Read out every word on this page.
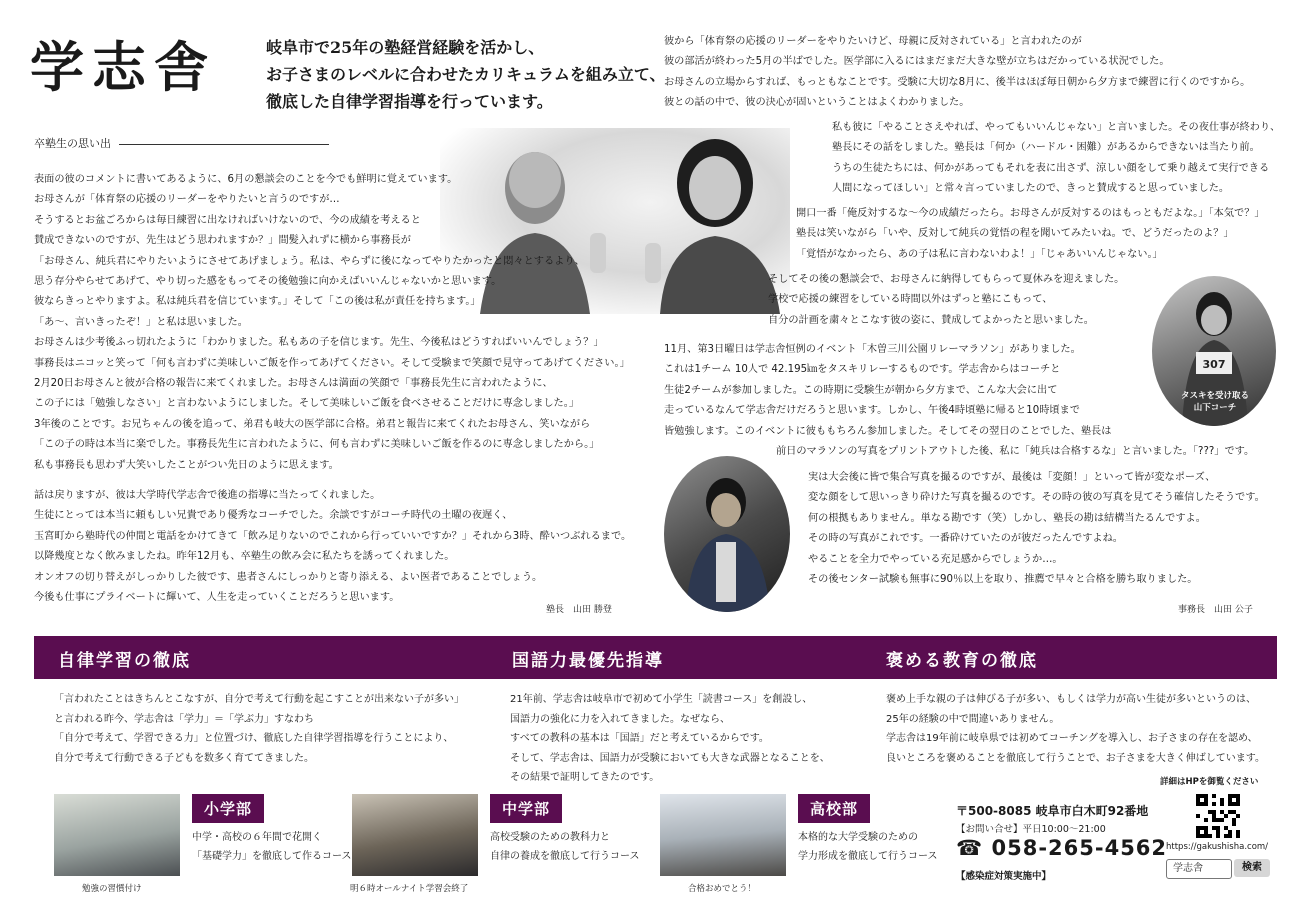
学志舎	岐阜市で25年の塾経営経験を活かし、
お子さまのレベルに合わせたカリキュラムを組み立て、
徹底した自律学習指導を行っています。
卒塾生の思い出

表面の彼のコメントに書いてあるように、6月の懇談会のことを今でも鮮明に覚えています。

お母さんが「体育祭の応援のリーダーをやりたいと言うのですが…

そうするとお盆ごろからは毎日練習に出なければいけないので、今の成績を考えると

賛成できないのですが、先生はどう思われますか？」間髪入れずに横から事務長が

「お母さん、純兵君にやりたいようにさせてあげましょう。私は、やらずに後になってやりたかったと悶々とするより、

思う存分やらせてあげて、やり切った感をもってその後勉強に向かえばいいんじゃないかと思います。

彼ならきっとやりますよ。私は純兵君を信じています。」そして「この後は私が責任を持ちます。」

「あ～、言いきったぞ！」と私は思いました。

お母さんは少考後ふっ切れたように「わかりました。私もあの子を信じます。先生、今後私はどうすればいいんでしょう？」

事務長はニコッと笑って「何も言わずに美味しいご飯を作ってあげてください。そして受験まで笑顔で見守ってあげてください。」

2月20日お母さんと彼が合格の報告に来てくれました。お母さんは満面の笑顔で「事務長先生に言われたように、

この子には「勉強しなさい」と言わないようにしました。そして美味しいご飯を食べさせることだけに専念しました。」

3年後のことです。お兄ちゃんの後を追って、弟君も岐大の医学部に合格。弟君と報告に来てくれたお母さん、笑いながら

「この子の時は本当に楽でした。事務長先生に言われたように、何も言わずに美味しいご飯を作るのに専念しましたから。」

私も事務長も思わず大笑いしたことがつい先日のように思えます。

話は戻りますが、彼は大学時代学志舎で後進の指導に当たってくれました。

生徒にとっては本当に頼もしい兄貴であり優秀なコーチでした。余談ですがコーチ時代の土曜の夜遅く、

玉宮町から塾時代の仲間と電話をかけてきて「飲み足りないのでこれから行っていいですか？」それから3時、酔いつぶれるまで。

以降幾度となく飲みましたね。昨年12月も、卒塾生の飲み会に私たちを誘ってくれました。

オンオフの切り替えがしっかりした彼です、患者さんにしっかりと寄り添える、よい医者であることでしょう。

今後も仕事にプライベートに輝いて、人生を走っていくことだろうと思います。

塾長　山田 勝登

彼から「体育祭の応援のリーダーをやりたいけど、母親に反対されている」と言われたのが

彼の部活が終わった5月の半ばでした。医学部に入るにはまだまだ大きな壁が立ちはだかっている状況でした。

お母さんの立場からすれば、もっともなことです。受験に大切な8月に、後半はほぼ毎日朝から夕方まで練習に行くのですから。

彼との話の中で、彼の決心が固いということはよくわかりました。

私も彼に「やることさえやれば、やってもいいんじゃない」と言いました。その夜仕事が終わり、

塾長にその話をしました。塾長は「何か（ハードル・困難）があるからできないは当たり前。

うちの生徒たちには、何かがあってもそれを表に出さず、涼しい顔をして乗り越えて実行できる

人間になってほしい」と常々言っていましたので、きっと賛成すると思っていました。

開口一番「俺反対するな～今の成績だったら。お母さんが反対するのはもっともだよな。」「本気で？」

塾長は笑いながら「いや、反対して純兵の覚悟の程を聞いてみたいね。で、どうだったのよ？」

「覚悟がなかったら、あの子は私に言わないわよ！」「じゃあいいんじゃない。」

そしてその後の懇談会で、お母さんに納得してもらって夏休みを迎えました。

学校で応援の練習をしている時間以外はずっと塾にこもって、

自分の計画を粛々とこなす彼の姿に、賛成してよかったと思いました。

307
タスキを受け取る
山下コーチ

11月、第3日曜日は学志舎恒例のイベント「木曽三川公園リレーマラソン」がありました。

これは1チーム 10人で 42.195㎞をタスキリレーするものです。学志舎からはコーチと

生徒2チームが参加しました。この時期に受験生が朝から夕方まで、こんな大会に出て

走っているなんて学志舎だけだろうと思います。しかし、午後4時頃塾に帰ると10時頃まで

皆勉強します。このイベントに彼ももちろん参加しました。そしてその翌日のことでした、塾長は

前日のマラソンの写真をプリントアウトした後、私に「純兵は合格するな」と言いました。「???」です。

実は大会後に皆で集合写真を撮るのですが、最後は「変顔！」といって皆が変なポーズ、

変な顔をして思いっきり砕けた写真を撮るのです。その時の彼の写真を見てそう確信したそうです。

何の根拠もありません。単なる勘です（笑）しかし、塾長の勘は結構当たるんですよ。

その時の写真がこれです。一番砕けていたのが彼だったんですよね。

やることを全力でやっている充足感からでしょうか…。

その後センター試験も無事に90％以上を取り、推薦で早々と合格を勝ち取りました。

事務長　山田 公子
自律学習の徹底	国語力最優先指導	褒める教育の徹底

「言われたことはきちんとこなすが、自分で考えて行動を起こすことが出来ない子が多い」

と言われる昨今、学志舎は「学力」＝「学ぶ力」すなわち

「自分で考えて、学習できる力」と位置づけ、徹底した自律学習指導を行うことにより、

自分で考えて行動できる子どもを数多く育ててきました。

21年前、学志舎は岐阜市で初めて小学生「読書コース」を創設し、

国語力の強化に力を入れてきました。なぜなら、

すべての教科の基本は「国語」だと考えているからです。

そして、学志舎は、国語力が受験においても大きな武器となることを、

その結果で証明してきたのです。

褒め上手な親の子は伸びる子が多い、もしくは学力が高い生徒が多いというのは、

25年の経験の中で間違いありません。

学志舎は19年前に岐阜県では初めてコーチングを導入し、お子さまの存在を認め、

良いところを褒めることを徹底して行うことで、お子さまを大きく伸ばしています。

勉強の習慣付け
小学部

中学・高校の６年間で花開く

「基礎学力」を徹底して作るコース

明６時オールナイト学習会終了
中学部

高校受験のための教科力と

自律の養成を徹底して行うコース

合格おめでとう！
高校部

本格的な大学受験のための

学力形成を徹底して行うコース

〒500-8085 岐阜市白木町92番地
【お問い合せ】平日10:00～21:00
☎ 058-265-4562
【感染症対策実施中】
詳細はHPを御覧ください
https://gakushisha.com/
学志舎	検索
